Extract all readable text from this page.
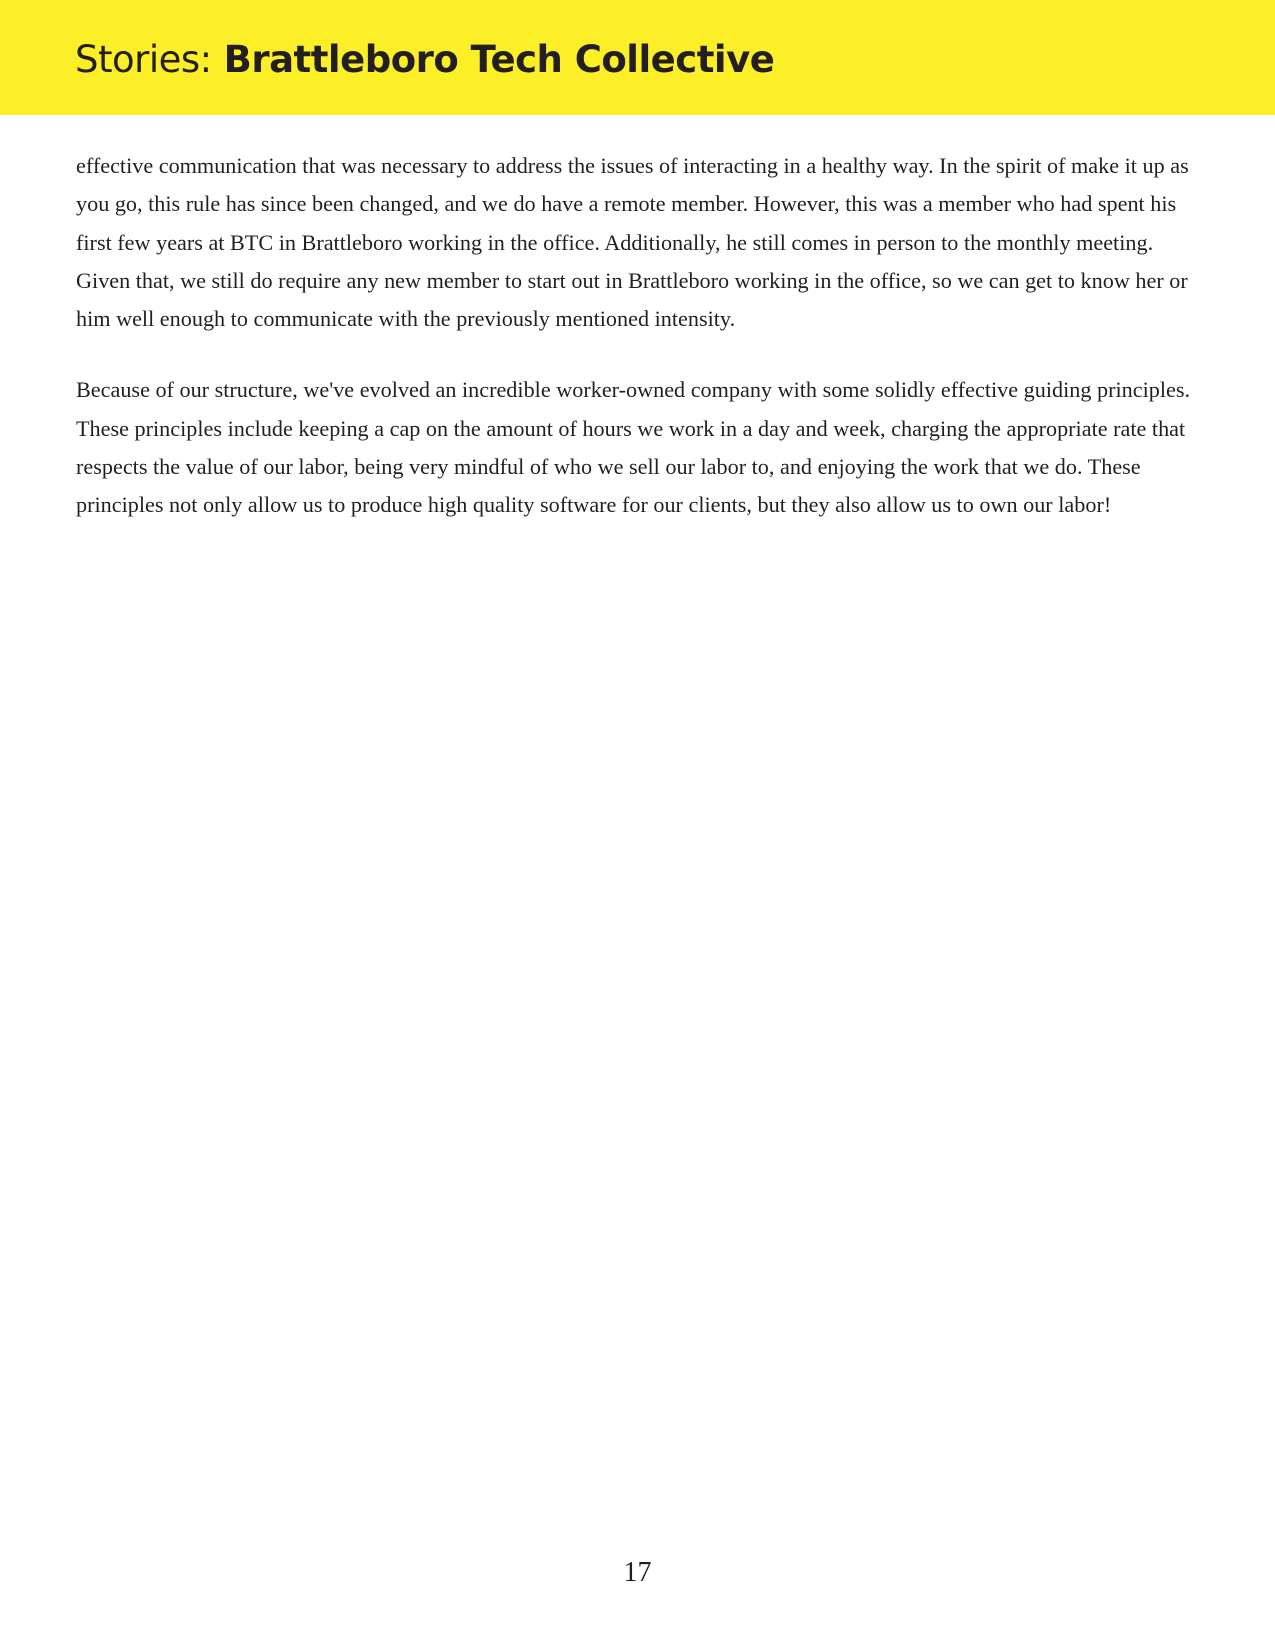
Stories: Brattleboro Tech Collective

effective communication that was necessary to address the issues of interacting in a healthy way. In the spirit of make it up as you go, this rule has since been changed, and we do have a remote member. However, this was a member who had spent his first few years at BTC in Brattleboro working in the office. Additionally, he still comes in person to the monthly meeting. Given that, we still do require any new member to start out in Brattleboro working in the office, so we can get to know her or him well enough to communicate with the previously mentioned intensity.

Because of our structure, we've evolved an incredible worker-owned company with some solidly effective guiding principles. These principles include keeping a cap on the amount of hours we work in a day and week, charging the appropriate rate that respects the value of our labor, being very mindful of who we sell our labor to, and enjoying the work that we do. These principles not only allow us to produce high quality software for our clients, but they also allow us to own our labor!

17
